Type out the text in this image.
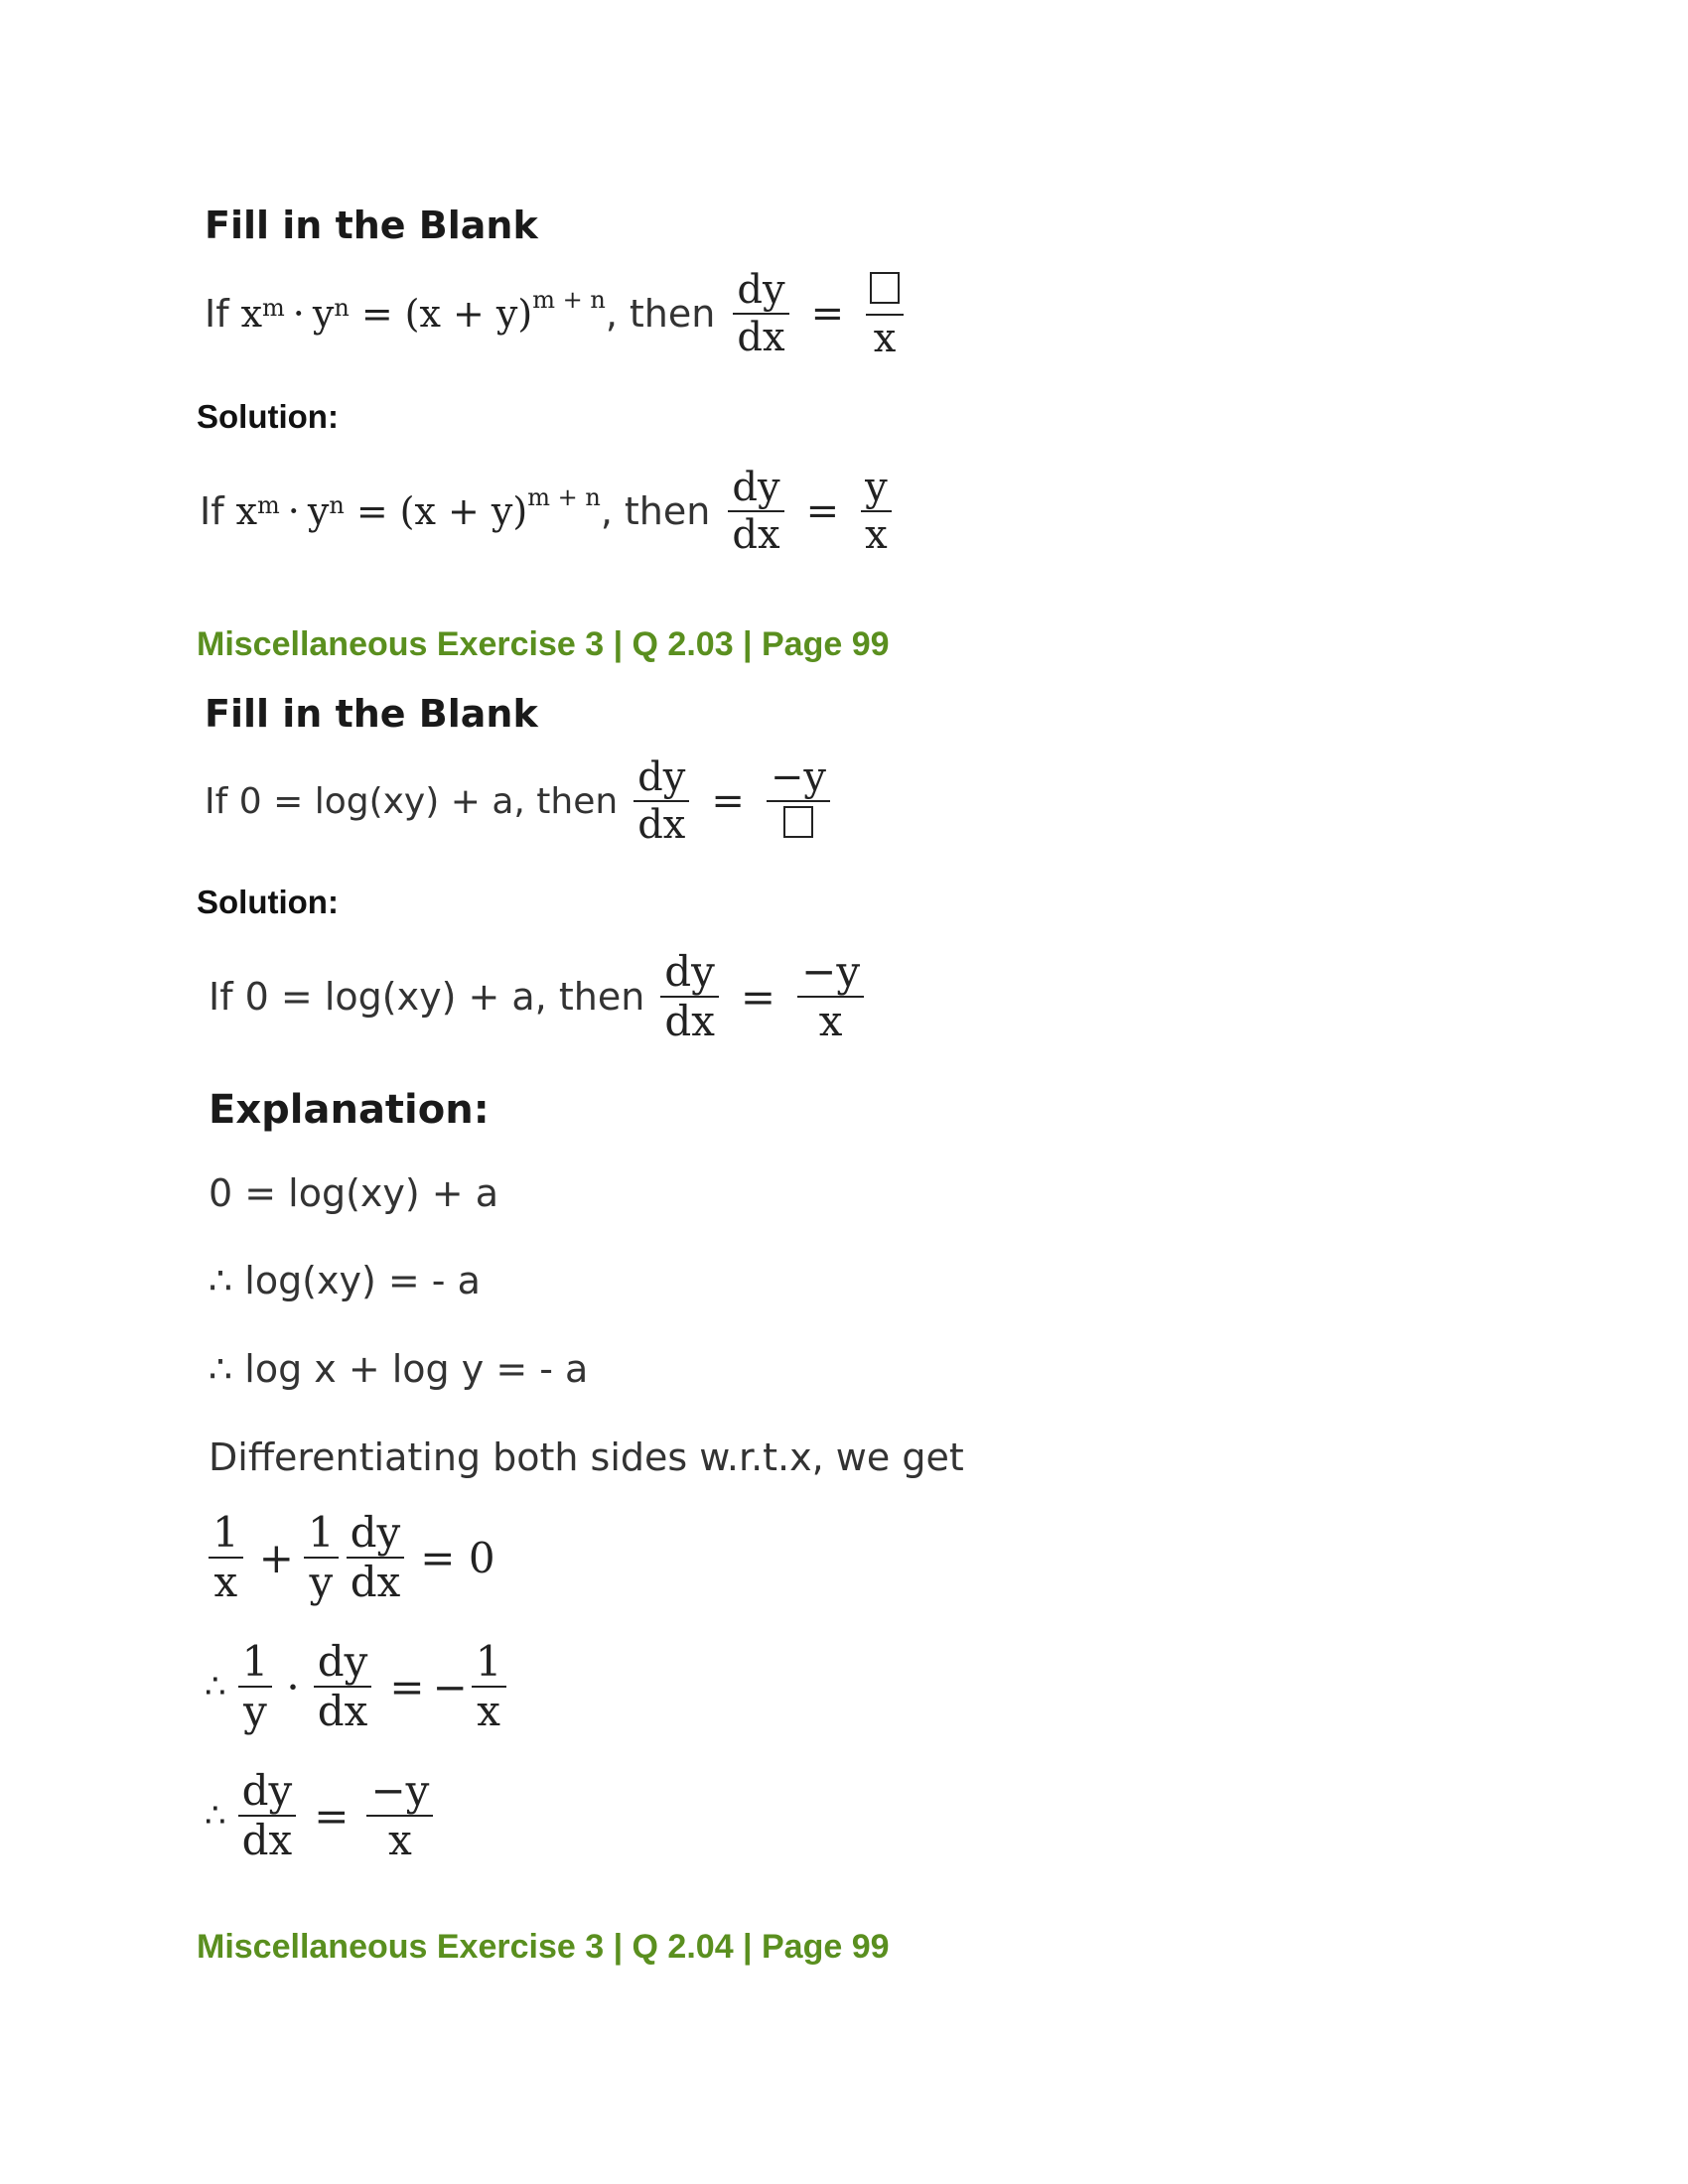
Fill in the Blank
If $x^m \cdot y^n = (x + y)^{m + n}$ , then $\frac{dy}{dx}$ =
x
Solution:
If $x^m \cdot y^n = (x + y)^{m + n}$ , then $\frac{dy}{dx} = \frac{y}{x}$
Miscellaneous Exercise 3 | Q 2.03 | Page 99
Fill in the Blank
If 0 = log(xy) + a, then $\frac{dy}{dx}$ =
−y
Solution:
If 0 = log(xy) + a, then $\frac{dy}{dx} = \frac{-y}{x}$
Explanation:
0 = log(xy) + a
∴ log(xy) = - a
∴ log x + log y = - a
Differentiating both sides w.r.t.x, we get
$\frac{1}{x} + \frac{1}{y} \frac{dy}{dx} = 0$
∴ $\frac{1}{y} \cdot \frac{dy}{dx}$ = − $\frac{1}{x}$
∴ $\frac{dy}{dx} = \frac{-y}{x}$
Miscellaneous Exercise 3 | Q 2.04 | Page 99
